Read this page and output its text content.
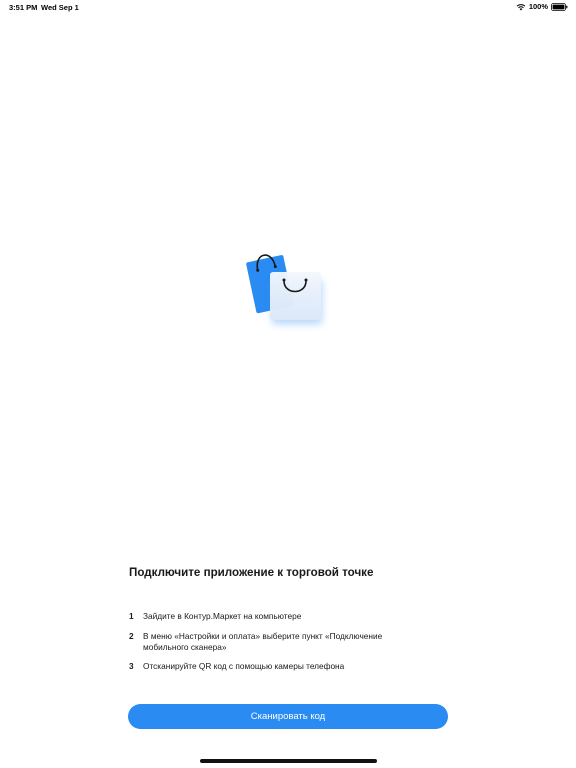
3:51 PM Wed Sep 1	100%
Подключите приложение к торговой точке
1	Зайдите в Контур.Маркет на компьютере
2	В меню «Настройки и оплата» выберите пункт «Подключение мобильного сканера»
3	Отсканируйте QR код с помощью камеры телефона
Сканировать код
